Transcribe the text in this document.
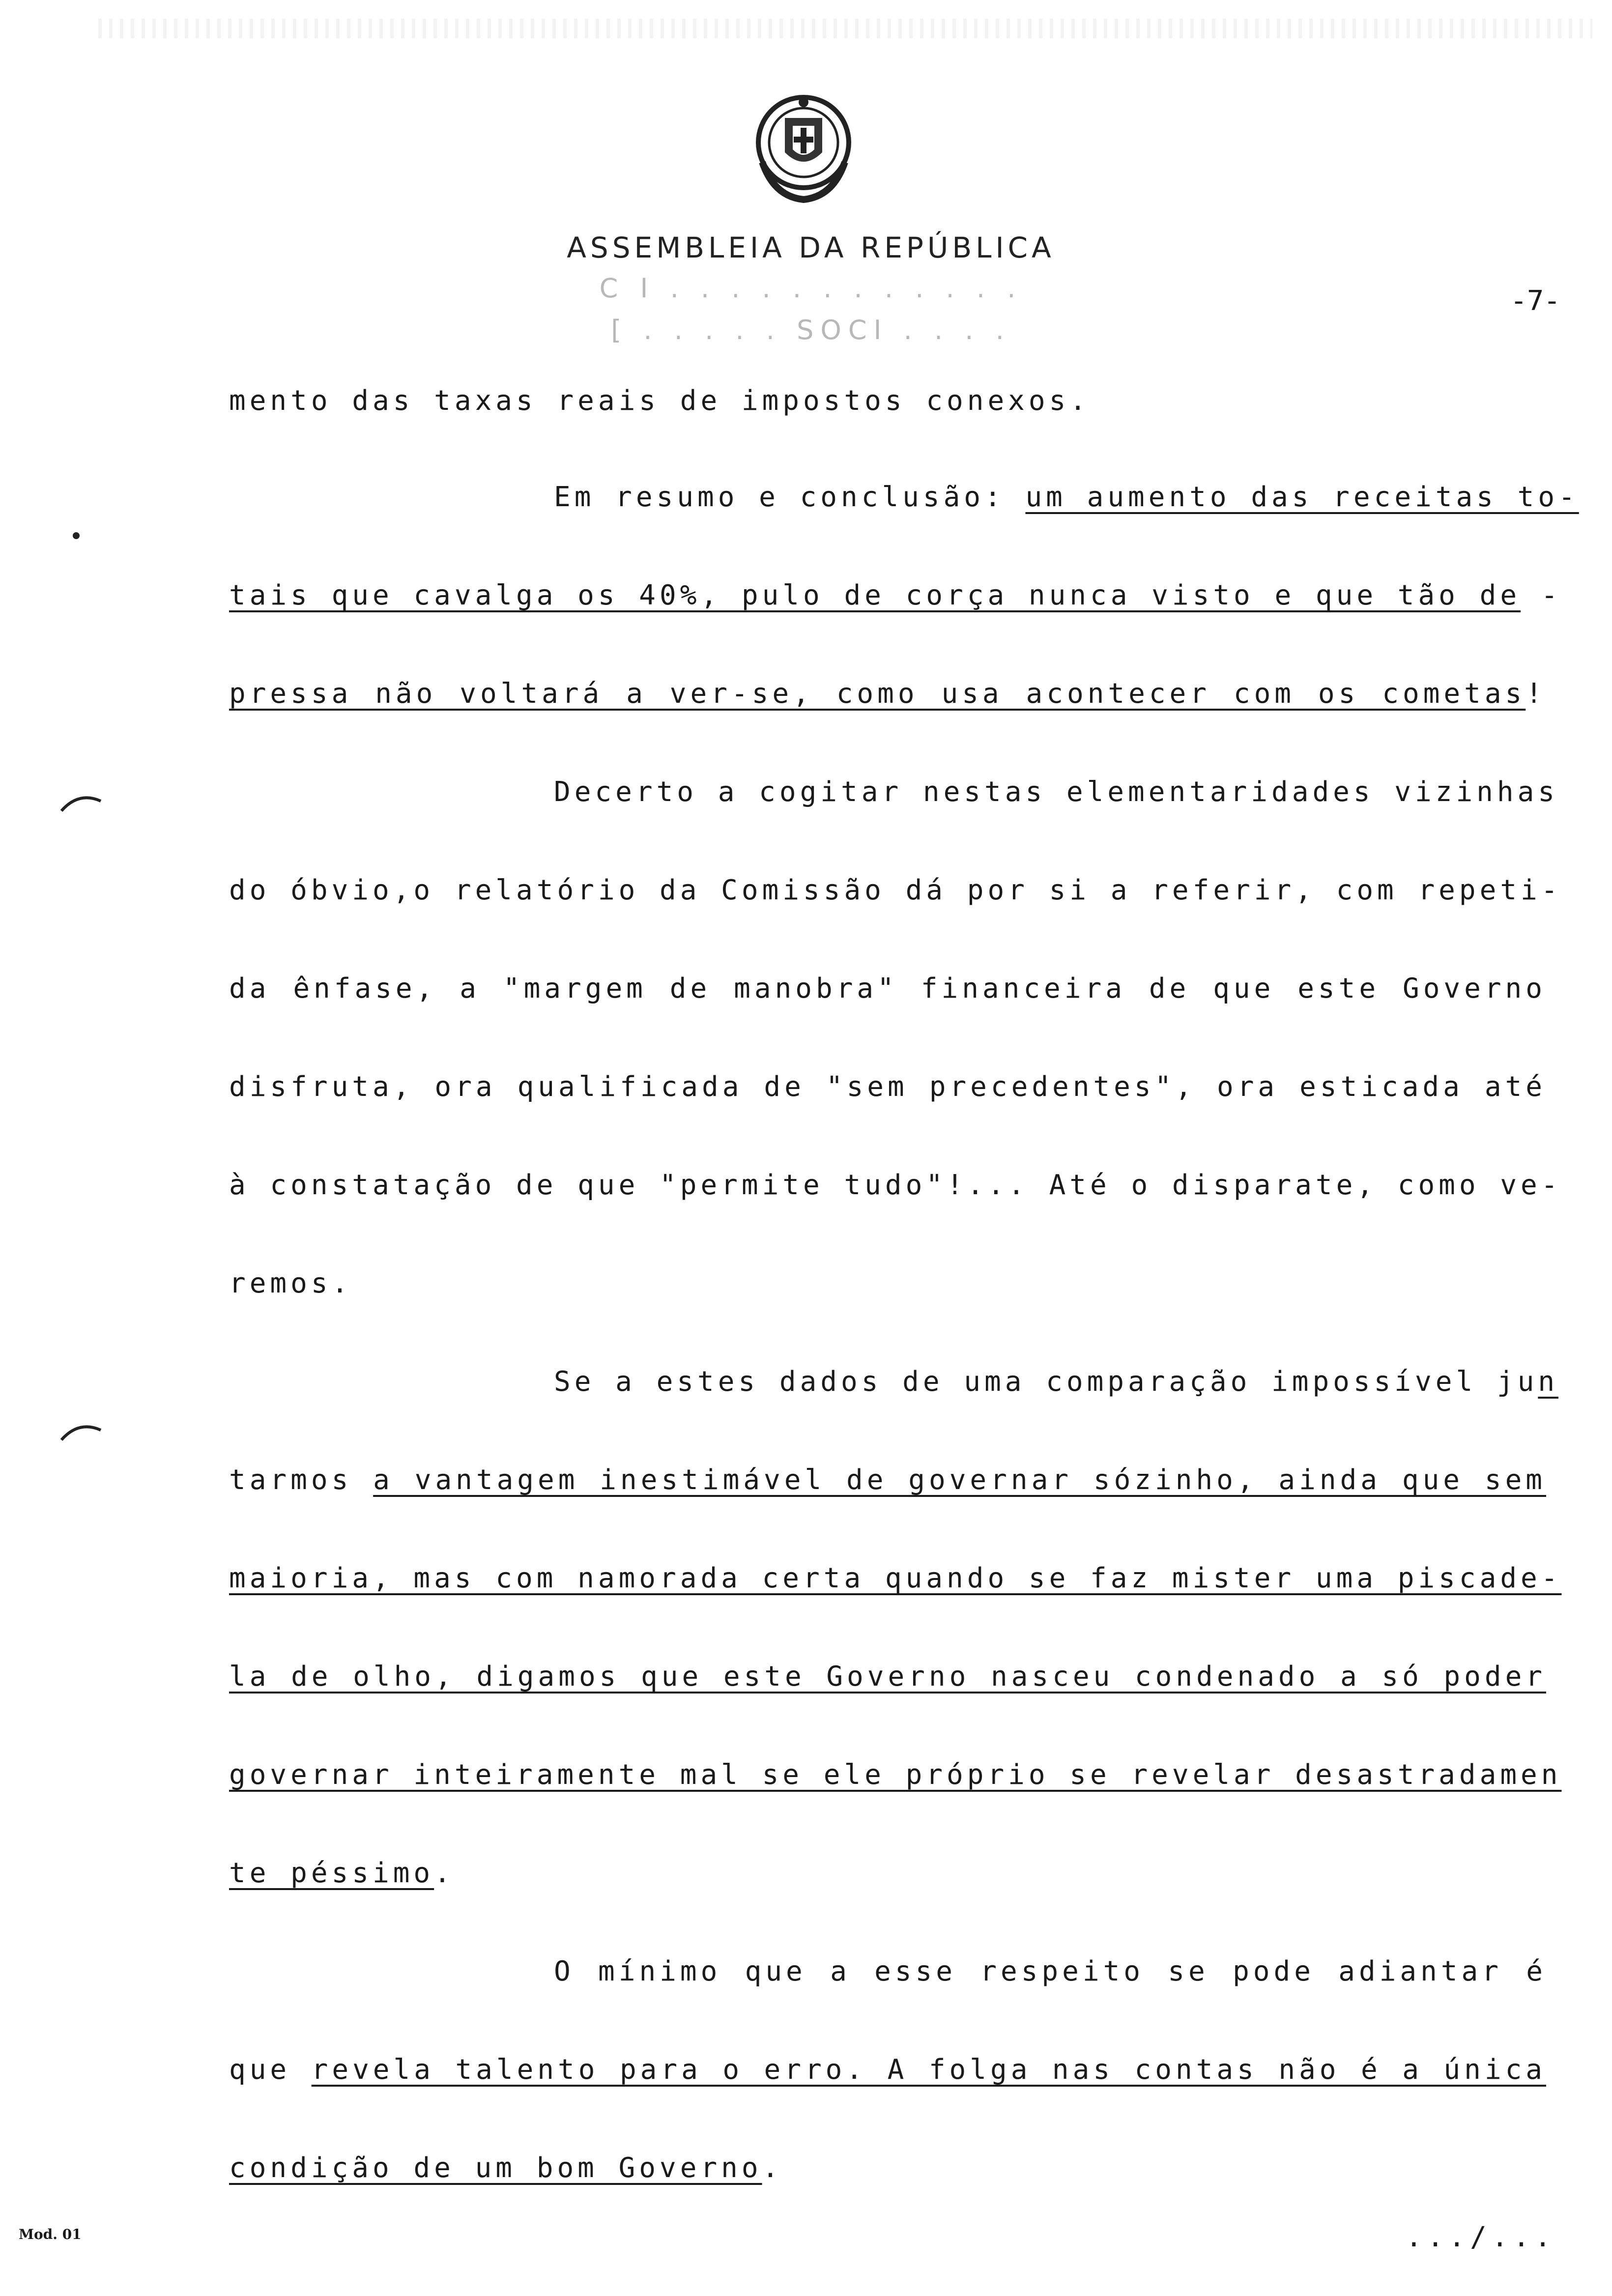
ASSEMBLEIA DA REPÚBLICA
C I . . . . . . . . . . . .
[ . . . . . SOCI . . . .
-7-
mento das taxas reais de impostos conexos.
Em resumo e conclusão: um aumento das receitas to-
tais que cavalga os 40%, pulo de corça nunca visto e que tão de -
pressa não voltará a ver-se, como usa acontecer com os cometas!
Decerto a cogitar nestas elementaridades vizinhas
do óbvio,o relatório da Comissão dá por si a referir, com repeti-
da ênfase, a "margem de manobra" financeira de que este Governo
disfruta, ora qualificada de "sem precedentes", ora esticada até
à constatação de que "permite tudo"!... Até o disparate, como ve-
remos.
Se a estes dados de uma comparação impossível jun
tarmos a vantagem inestimável de governar sózinho, ainda que sem
maioria, mas com namorada certa quando se faz mister uma piscade-
la de olho, digamos que este Governo nasceu condenado a só poder
governar inteiramente mal se ele próprio se revelar desastradamen
te péssimo.
O mínimo que a esse respeito se pode adiantar é
que revela talento para o erro. A folga nas contas não é a única
condição de um bom Governo.
Mod. 01	.../...
